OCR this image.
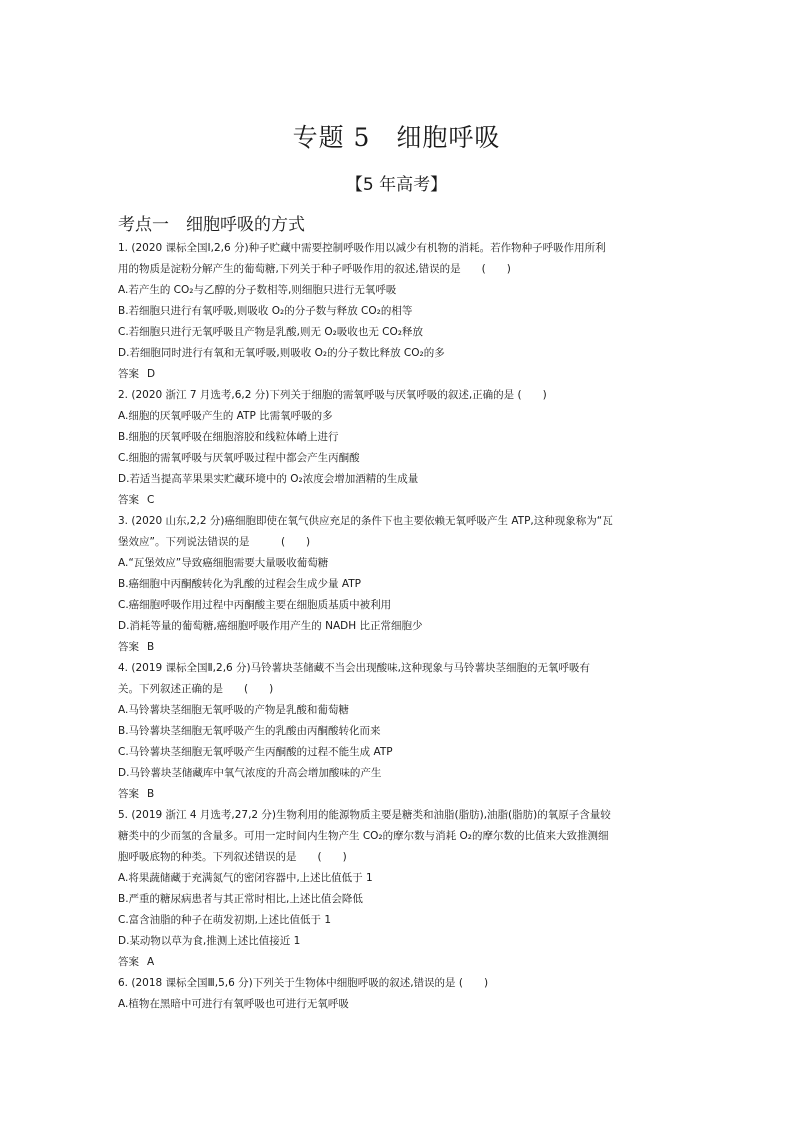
专题 5　细胞呼吸
【5 年高考】
考点一　细胞呼吸的方式
1. (2020 课标全国Ⅰ,2,6 分)种子贮藏中需要控制呼吸作用以减少有机物的消耗。若作物种子呼吸作用所利
用的物质是淀粉分解产生的葡萄糖,下列关于种子呼吸作用的叙述,错误的是　　(　　)
A.若产生的 CO₂与乙醇的分子数相等,则细胞只进行无氧呼吸
B.若细胞只进行有氧呼吸,则吸收 O₂的分子数与释放 CO₂的相等
C.若细胞只进行无氧呼吸且产物是乳酸,则无 O₂吸收也无 CO₂释放
D.若细胞同时进行有氧和无氧呼吸,则吸收 O₂的分子数比释放 CO₂的多
答案 D
2. (2020 浙江 7 月选考,6,2 分)下列关于细胞的需氧呼吸与厌氧呼吸的叙述,正确的是 (　　)
A.细胞的厌氧呼吸产生的 ATP 比需氧呼吸的多
B.细胞的厌氧呼吸在细胞溶胶和线粒体嵴上进行
C.细胞的需氧呼吸与厌氧呼吸过程中都会产生丙酮酸
D.若适当提高苹果果实贮藏环境中的 O₂浓度会增加酒精的生成量
答案 C
3. (2020 山东,2,2 分)癌细胞即使在氧气供应充足的条件下也主要依赖无氧呼吸产生 ATP,这种现象称为“瓦
堡效应”。下列说法错误的是　　　(　　)
A.“瓦堡效应”导致癌细胞需要大量吸收葡萄糖
B.癌细胞中丙酮酸转化为乳酸的过程会生成少量 ATP
C.癌细胞呼吸作用过程中丙酮酸主要在细胞质基质中被利用
D.消耗等量的葡萄糖,癌细胞呼吸作用产生的 NADH 比正常细胞少
答案 B
4. (2019 课标全国Ⅱ,2,6 分)马铃薯块茎储藏不当会出现酸味,这种现象与马铃薯块茎细胞的无氧呼吸有
关。下列叙述正确的是　　(　　)
A.马铃薯块茎细胞无氧呼吸的产物是乳酸和葡萄糖
B.马铃薯块茎细胞无氧呼吸产生的乳酸由丙酮酸转化而来
C.马铃薯块茎细胞无氧呼吸产生丙酮酸的过程不能生成 ATP
D.马铃薯块茎储藏库中氧气浓度的升高会增加酸味的产生
答案 B
5. (2019 浙江 4 月选考,27,2 分)生物利用的能源物质主要是糖类和油脂(脂肪),油脂(脂肪)的氧原子含量较
糖类中的少而氢的含量多。可用一定时间内生物产生 CO₂的摩尔数与消耗 O₂的摩尔数的比值来大致推测细
胞呼吸底物的种类。下列叙述错误的是　　(　　)
A.将果蔬储藏于充满氮气的密闭容器中,上述比值低于 1
B.严重的糖尿病患者与其正常时相比,上述比值会降低
C.富含油脂的种子在萌发初期,上述比值低于 1
D.某动物以草为食,推测上述比值接近 1
答案 A
6. (2018 课标全国Ⅲ,5,6 分)下列关于生物体中细胞呼吸的叙述,错误的是 (　　)
A.植物在黑暗中可进行有氧呼吸也可进行无氧呼吸
